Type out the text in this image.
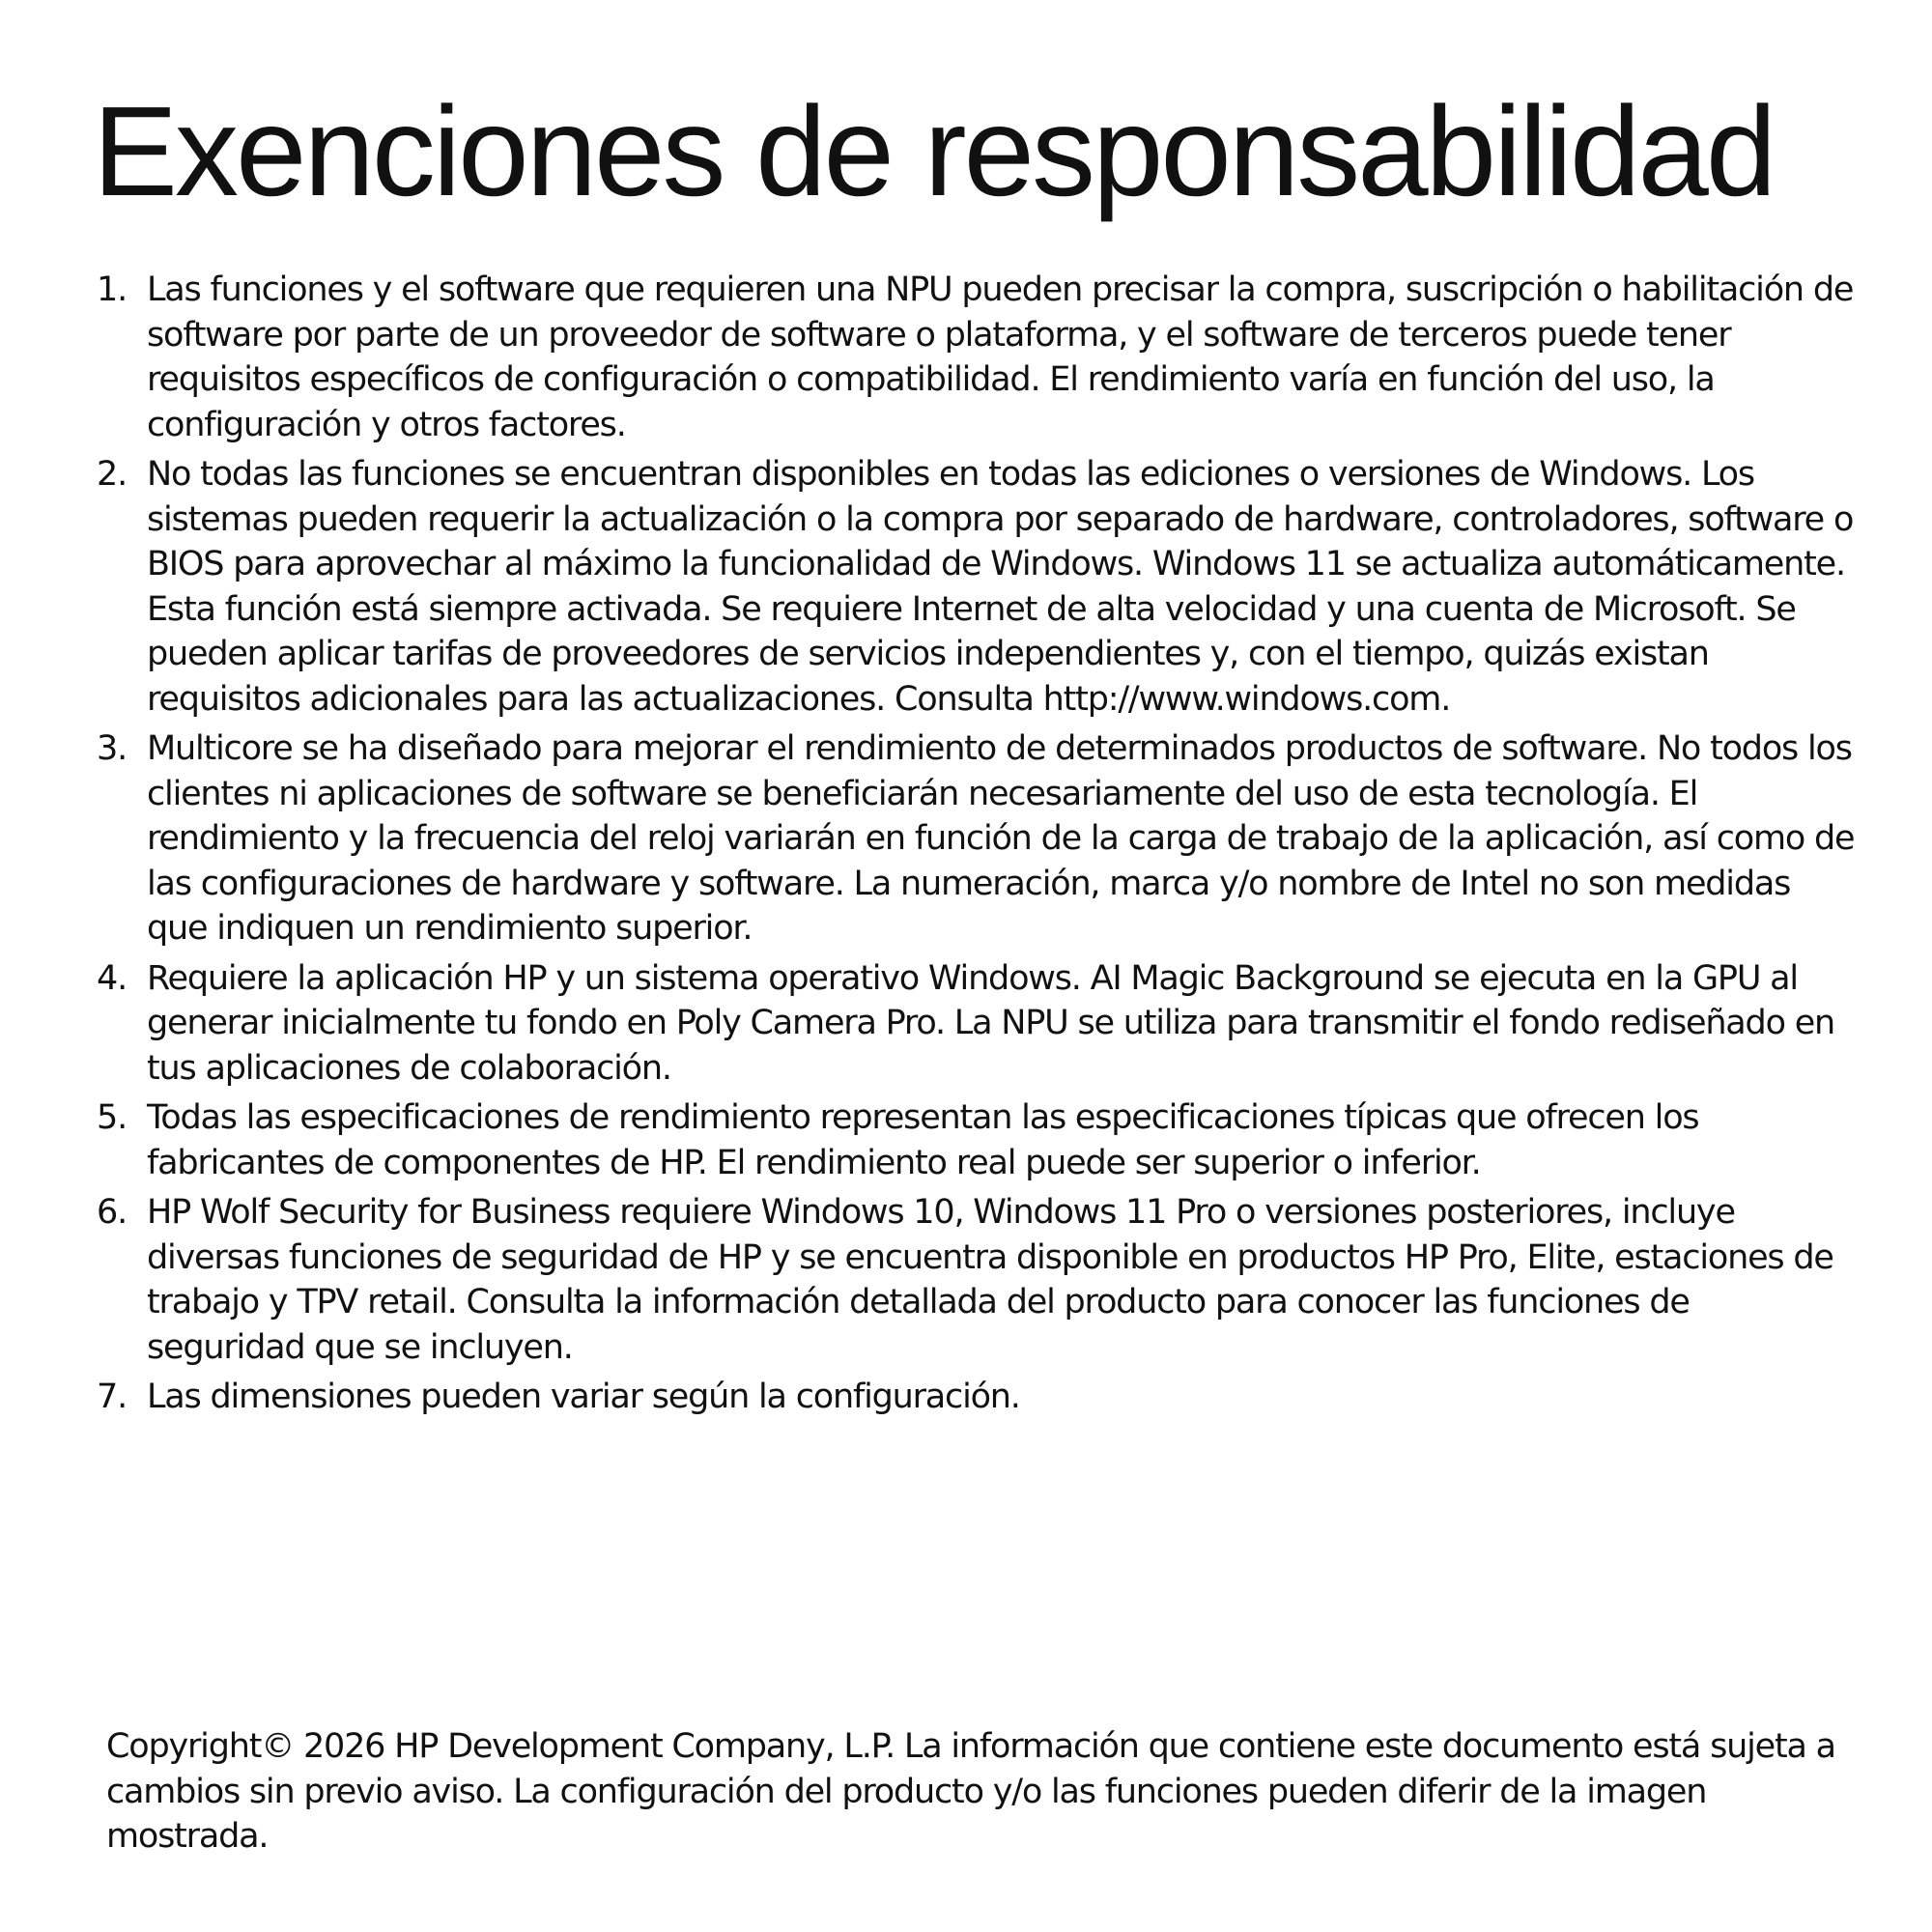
Exenciones de responsabilidad
1. Las funciones y el software que requieren una NPU pueden precisar la compra, suscripción o habilitación de software por parte de un proveedor de software o plataforma, y el software de terceros puede tener requisitos específicos de configuración o compatibilidad. El rendimiento varía en función del uso, la configuración y otros factores.
2. No todas las funciones se encuentran disponibles en todas las ediciones o versiones de Windows. Los sistemas pueden requerir la actualización o la compra por separado de hardware, controladores, software o BIOS para aprovechar al máximo la funcionalidad de Windows. Windows 11 se actualiza automáticamente. Esta función está siempre activada. Se requiere Internet de alta velocidad y una cuenta de Microsoft. Se pueden aplicar tarifas de proveedores de servicios independientes y, con el tiempo, quizás existan requisitos adicionales para las actualizaciones. Consulta http://www.windows.com.
3. Multicore se ha diseñado para mejorar el rendimiento de determinados productos de software. No todos los clientes ni aplicaciones de software se beneficiarán necesariamente del uso de esta tecnología. El rendimiento y la frecuencia del reloj variarán en función de la carga de trabajo de la aplicación, así como de las configuraciones de hardware y software. La numeración, marca y/o nombre de Intel no son medidas que indiquen un rendimiento superior.
4. Requiere la aplicación HP y un sistema operativo Windows. AI Magic Background se ejecuta en la GPU al generar inicialmente tu fondo en Poly Camera Pro. La NPU se utiliza para transmitir el fondo rediseñado en tus aplicaciones de colaboración.
5. Todas las especificaciones de rendimiento representan las especificaciones típicas que ofrecen los fabricantes de componentes de HP. El rendimiento real puede ser superior o inferior.
6. HP Wolf Security for Business requiere Windows 10, Windows 11 Pro o versiones posteriores, incluye diversas funciones de seguridad de HP y se encuentra disponible en productos HP Pro, Elite, estaciones de trabajo y TPV retail. Consulta la información detallada del producto para conocer las funciones de seguridad que se incluyen.
7. Las dimensiones pueden variar según la configuración.

Copyright© 2026 HP Development Company, L.P. La información que contiene este documento está sujeta a cambios sin previo aviso. La configuración del producto y/o las funciones pueden diferir de la imagen mostrada.
